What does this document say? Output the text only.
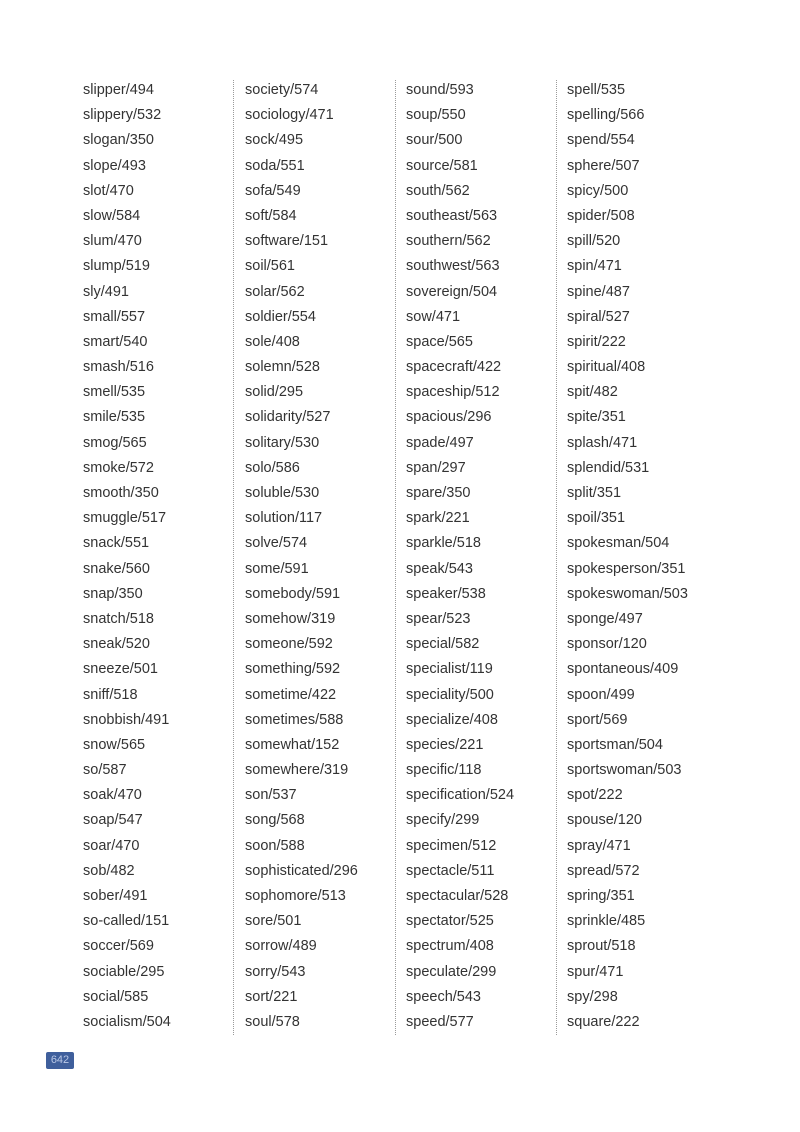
slipper/494
slippery/532
slogan/350
slope/493
slot/470
slow/584
slum/470
slump/519
sly/491
small/557
smart/540
smash/516
smell/535
smile/535
smog/565
smoke/572
smooth/350
smuggle/517
snack/551
snake/560
snap/350
snatch/518
sneak/520
sneeze/501
sniff/518
snobbish/491
snow/565
so/587
soak/470
soap/547
soar/470
sob/482
sober/491
so-called/151
soccer/569
sociable/295
social/585
socialism/504
society/574
sociology/471
sock/495
soda/551
sofa/549
soft/584
software/151
soil/561
solar/562
soldier/554
sole/408
solemn/528
solid/295
solidarity/527
solitary/530
solo/586
soluble/530
solution/117
solve/574
some/591
somebody/591
somehow/319
someone/592
something/592
sometime/422
sometimes/588
somewhat/152
somewhere/319
son/537
song/568
soon/588
sophisticated/296
sophomore/513
sore/501
sorrow/489
sorry/543
sort/221
soul/578
sound/593
soup/550
sour/500
source/581
south/562
southeast/563
southern/562
southwest/563
sovereign/504
sow/471
space/565
spacecraft/422
spaceship/512
spacious/296
spade/497
span/297
spare/350
spark/221
sparkle/518
speak/543
speaker/538
spear/523
special/582
specialist/119
speciality/500
specialize/408
species/221
specific/118
specification/524
specify/299
specimen/512
spectacle/511
spectacular/528
spectator/525
spectrum/408
speculate/299
speech/543
speed/577
spell/535
spelling/566
spend/554
sphere/507
spicy/500
spider/508
spill/520
spin/471
spine/487
spiral/527
spirit/222
spiritual/408
spit/482
spite/351
splash/471
splendid/531
split/351
spoil/351
spokesman/504
spokesperson/351
spokeswoman/503
sponge/497
sponsor/120
spontaneous/409
spoon/499
sport/569
sportsman/504
sportswoman/503
spot/222
spouse/120
spray/471
spread/572
spring/351
sprinkle/485
sprout/518
spur/471
spy/298
square/222
642
